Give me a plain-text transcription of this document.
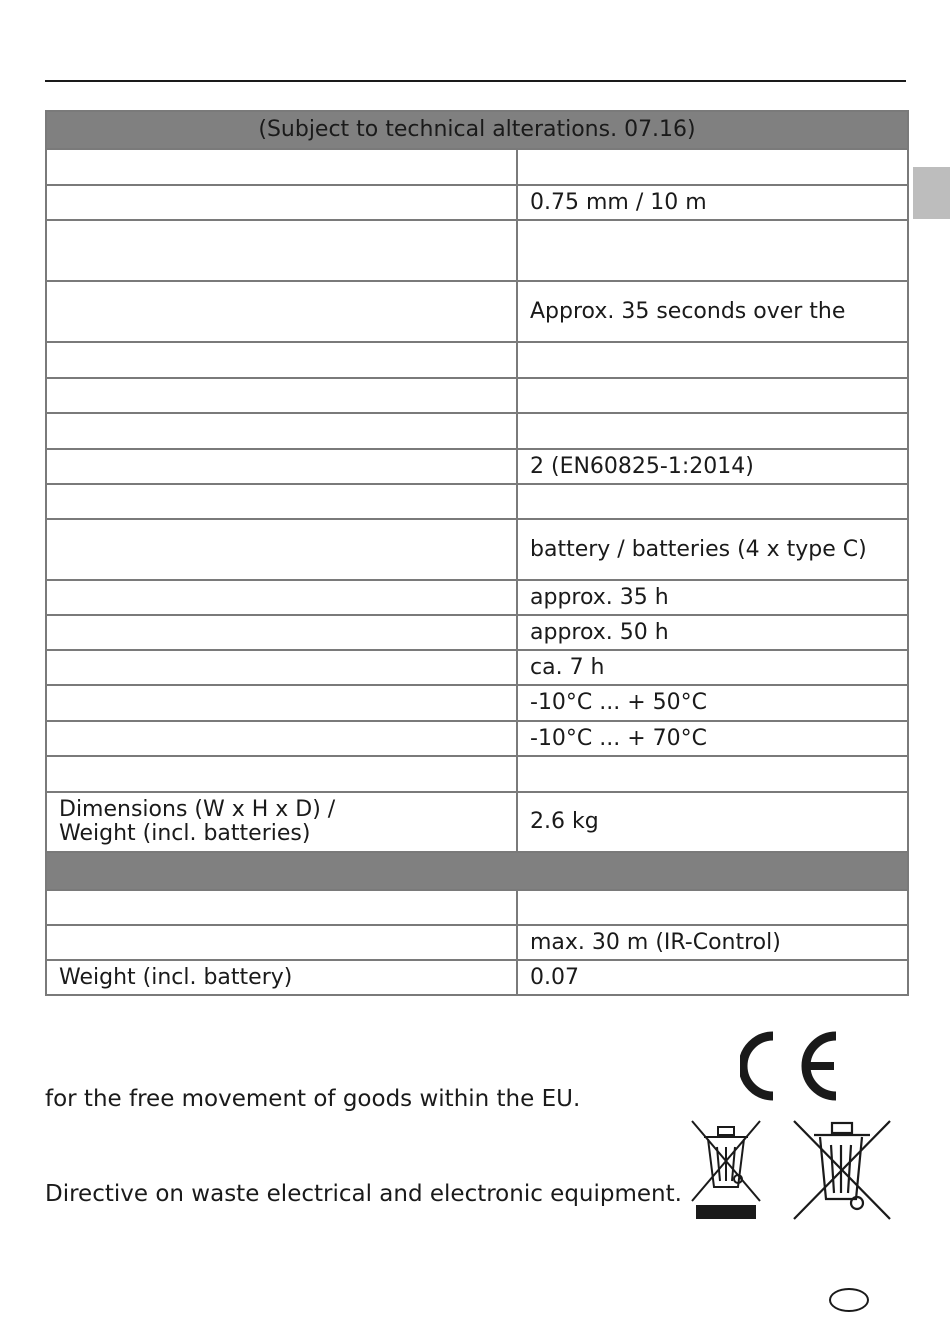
(Subject to technical alterations. 07.16)	

	0.75 mm / 10 m

	Approx. 35 seconds over the

	2 (EN60825-1:2014)

	battery / batteries (4 x type C)
	approx. 35 h
	approx. 50 h
	ca. 7 h
	-10°C ... + 50°C
	-10°C ... + 70°C

Dimensions (W x H x D) /
Weight (incl. batteries)	2.6 kg

	max. 30 m (IR-Control)
Weight (incl. battery)	0.07
for the free movement of goods within the EU.
Directive on waste electrical and electronic equipment.
